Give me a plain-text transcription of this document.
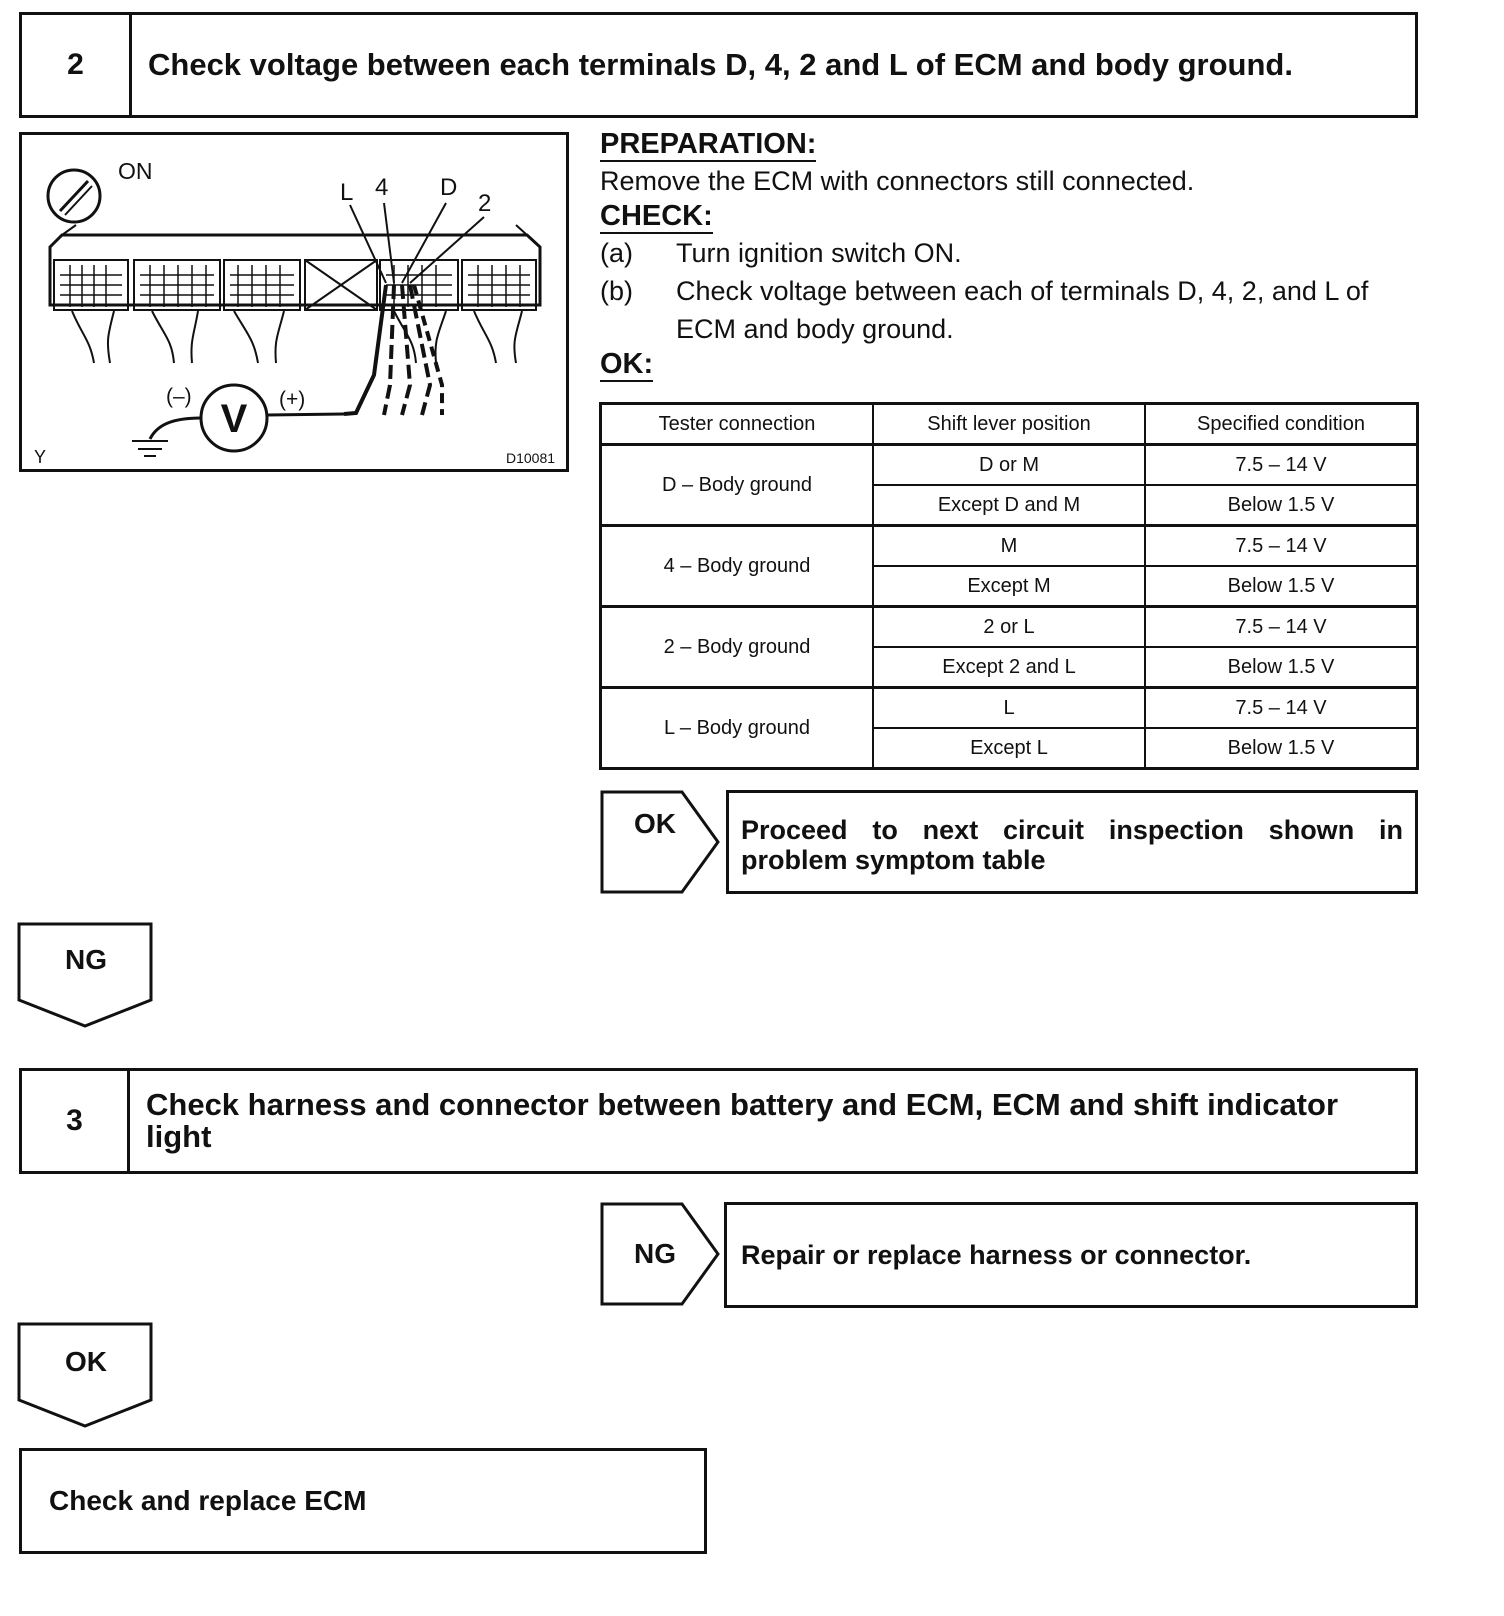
2	Check voltage between each terminals D, 4, 2 and L of ECM and body ground.
V
ON
L 4 D
2
(–)	(+)
Y	D10081
PREPARATION:
Remove the ECM with connectors still connected.
CHECK:
(a)	Turn ignition switch ON.
(b)	Check voltage between each of terminals D, 4, 2, and L of ECM and body ground.
OK:
Tester connection	Shift lever position	Specified condition
D – Body ground	D or M	7.5 – 14 V
	Except D and M	Below 1.5 V
4 – Body ground	M	7.5 – 14 V
	Except M	Below 1.5 V
2 – Body ground	2 or L	7.5 – 14 V
	Except 2 and L	Below 1.5 V
L – Body ground	L	7.5 – 14 V
	Except L	Below 1.5 V
OK	Proceed to next circuit inspection shown in problem symptom table
NG
3	Check harness and connector between battery and ECM, ECM and shift indicator light
NG	Repair or replace harness or connector.
OK
Check and replace ECM
